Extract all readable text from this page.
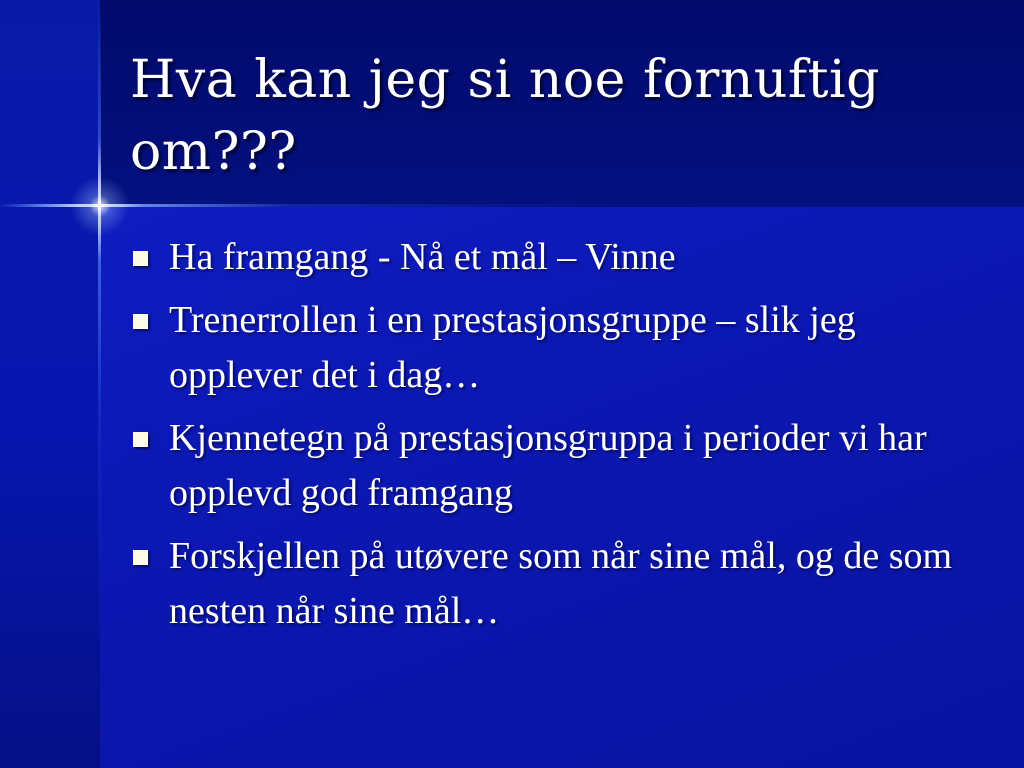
Hva kan jeg si noe fornuftig om???
Ha framgang - Nå et mål – Vinne
Trenerrollen i en prestasjonsgruppe – slik jeg opplever det i dag…
Kjennetegn på prestasjonsgruppa i perioder vi har opplevd god framgang
Forskjellen på utøvere som når sine mål, og de som nesten når sine mål…
